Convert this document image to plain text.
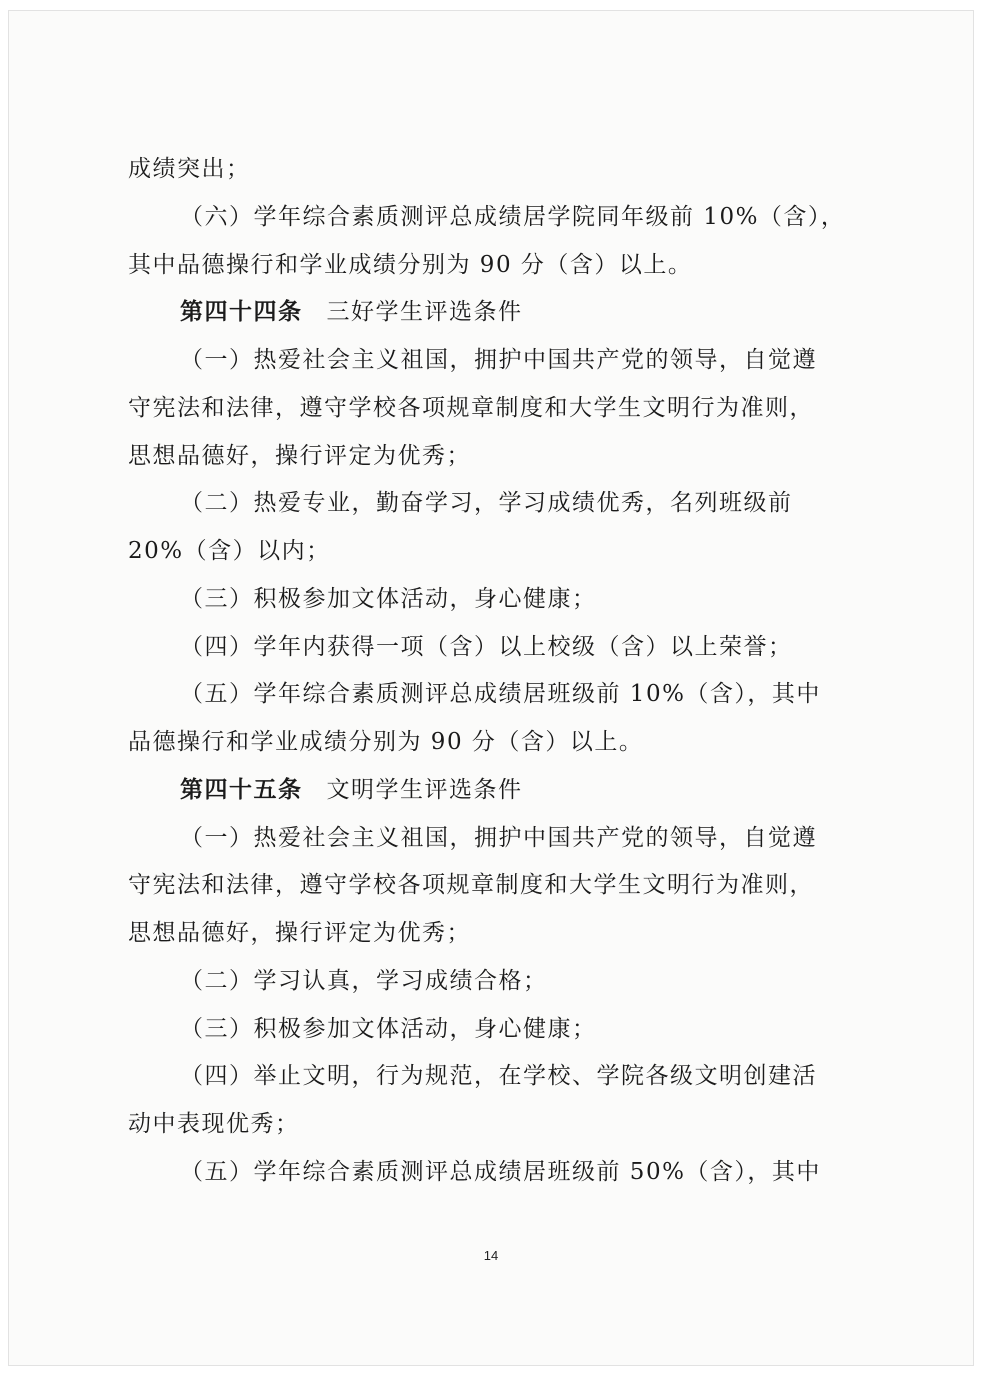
成绩突出；
（六）学年综合素质测评总成绩居学院同年级前 10%（含），
其中品德操行和学业成绩分别为 90 分（含）以上。
第四十四条 三好学生评选条件
（一）热爱社会主义祖国，拥护中国共产党的领导，自觉遵
守宪法和法律，遵守学校各项规章制度和大学生文明行为准则，
思想品德好，操行评定为优秀；
（二）热爱专业，勤奋学习，学习成绩优秀，名列班级前
20%（含）以内；
（三）积极参加文体活动，身心健康；
（四）学年内获得一项（含）以上校级（含）以上荣誉；
（五）学年综合素质测评总成绩居班级前 10%（含），其中
品德操行和学业成绩分别为 90 分（含）以上。
第四十五条 文明学生评选条件
（一）热爱社会主义祖国，拥护中国共产党的领导，自觉遵
守宪法和法律，遵守学校各项规章制度和大学生文明行为准则，
思想品德好，操行评定为优秀；
（二）学习认真，学习成绩合格；
（三）积极参加文体活动，身心健康；
（四）举止文明，行为规范，在学校、学院各级文明创建活
动中表现优秀；
（五）学年综合素质测评总成绩居班级前 50%（含），其中
14
